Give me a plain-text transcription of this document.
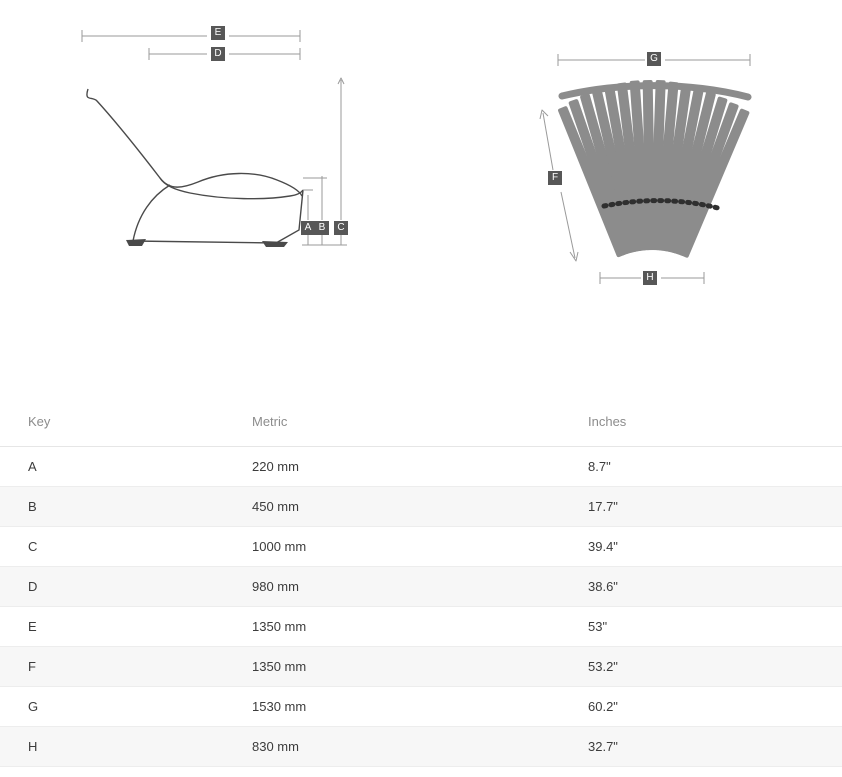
E
D
A B	C
G
F
H
Key	Metric	Inches
A	220 mm	8.7"
B	450 mm	17.7"
C	1000 mm	39.4"
D	980 mm	38.6"
E	1350 mm	53"
F	1350 mm	53.2"
G	1530 mm	60.2"
H	830 mm	32.7"
